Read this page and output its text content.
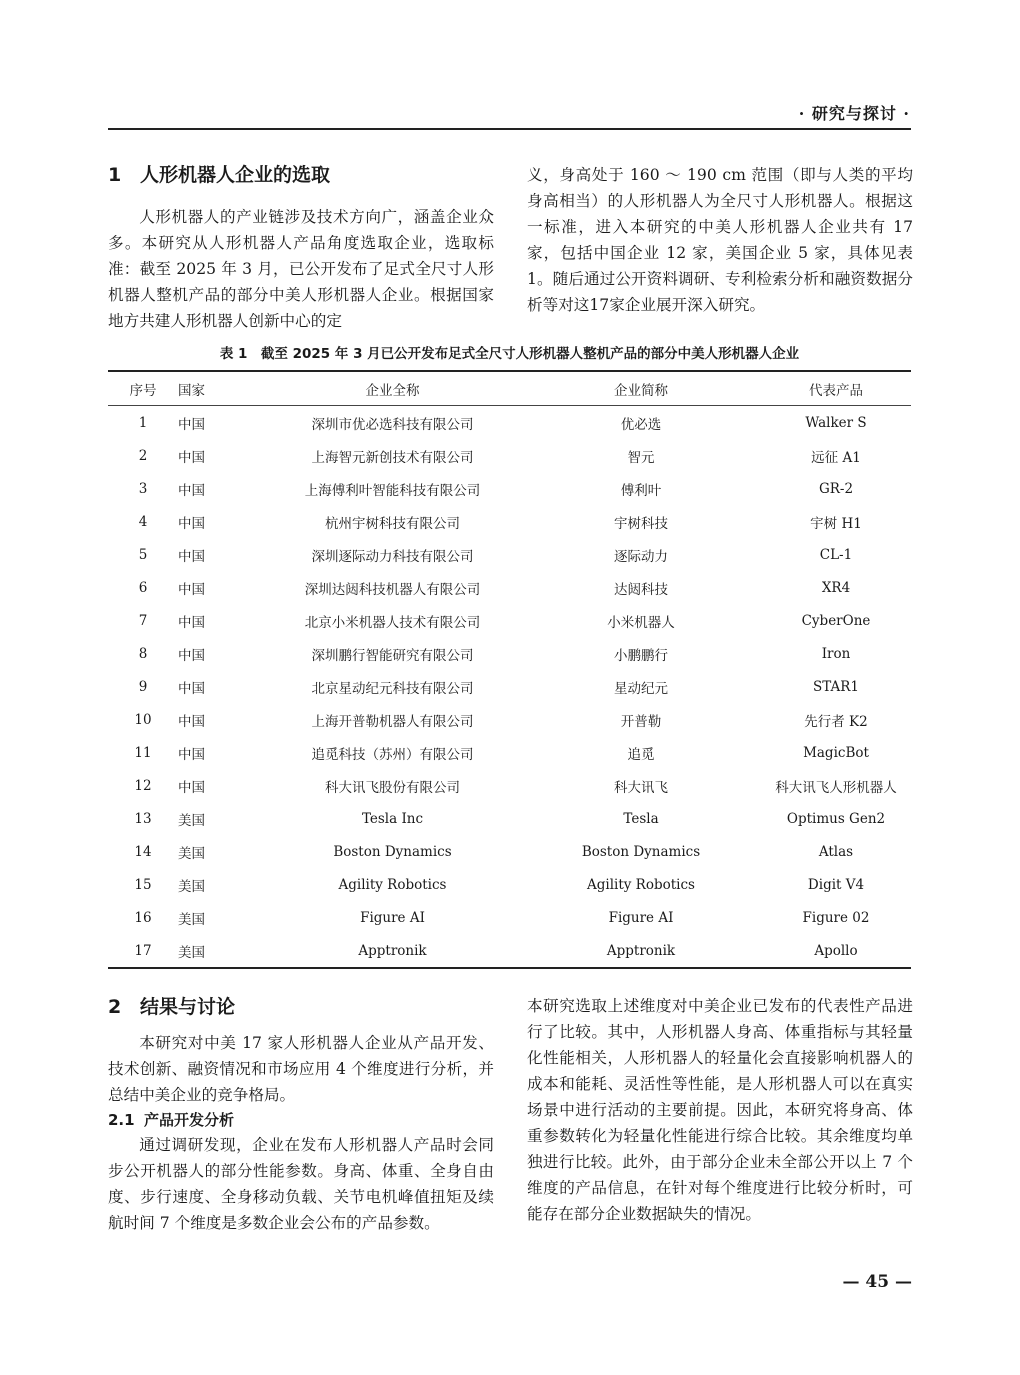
· 研究与探讨 ·
1 人形机器人企业的选取

人形机器人的产业链涉及技术方向广，涵盖企业众多。本研究从人形机器人产品角度选取企业，选取标准：截至 2025 年 3 月，已公开发布了足式全尺寸人形机器人整机产品的部分中美人形机器人企业。根据国家地方共建人形机器人创新中心的定

义，身高处于 160 ～ 190 cm 范围（即与人类的平均身高相当）的人形机器人为全尺寸人形机器人。根据这一标准，进入本研究的中美人形机器人企业共有 17 家，包括中国企业 12 家，美国企业 5 家，具体见表 1。随后通过公开资料调研、专利检索分析和融资数据分析等对这17家企业展开深入研究。

表 1　截至 2025 年 3 月已公开发布足式全尺寸人形机器人整机产品的部分中美人形机器人企业
序号	国家	企业全称	企业简称	代表产品
1	中国	深圳市优必选科技有限公司	优必选	Walker S
2	中国	上海智元新创技术有限公司	智元	远征 A1
3	中国	上海傅利叶智能科技有限公司	傅利叶	GR-2
4	中国	杭州宇树科技有限公司	宇树科技	宇树 H1
5	中国	深圳逐际动力科技有限公司	逐际动力	CL-1
6	中国	深圳达闼科技机器人有限公司	达闼科技	XR4
7	中国	北京小米机器人技术有限公司	小米机器人	CyberOne
8	中国	深圳鹏行智能研究有限公司	小鹏鹏行	Iron
9	中国	北京星动纪元科技有限公司	星动纪元	STAR1
10	中国	上海开普勒机器人有限公司	开普勒	先行者 K2
11	中国	追觅科技（苏州）有限公司	追觅	MagicBot
12	中国	科大讯飞股份有限公司	科大讯飞	科大讯飞人形机器人
13	美国	Tesla Inc	Tesla	Optimus Gen2
14	美国	Boston Dynamics	Boston Dynamics	Atlas
15	美国	Agility Robotics	Agility Robotics	Digit V4
16	美国	Figure AI	Figure AI	Figure 02
17	美国	Apptronik	Apptronik	Apollo
2 结果与讨论

本研究对中美 17 家人形机器人企业从产品开发、技术创新、融资情况和市场应用 4 个维度进行分析，并总结中美企业的竞争格局。

2.1 产品开发分析

通过调研发现，企业在发布人形机器人产品时会同步公开机器人的部分性能参数。身高、体重、全身自由度、步行速度、全身移动负载、关节电机峰值扭矩及续航时间 7 个维度是多数企业会公布的产品参数。

本研究选取上述维度对中美企业已发布的代表性产品进行了比较。其中，人形机器人身高、体重指标与其轻量化性能相关，人形机器人的轻量化会直接影响机器人的成本和能耗、灵活性等性能，是人形机器人可以在真实场景中进行活动的主要前提。因此，本研究将身高、体重参数转化为轻量化性能进行综合比较。其余维度均单独进行比较。此外，由于部分企业未全部公开以上 7 个维度的产品信息，在针对每个维度进行比较分析时，可能存在部分企业数据缺失的情况。

— 45 —
